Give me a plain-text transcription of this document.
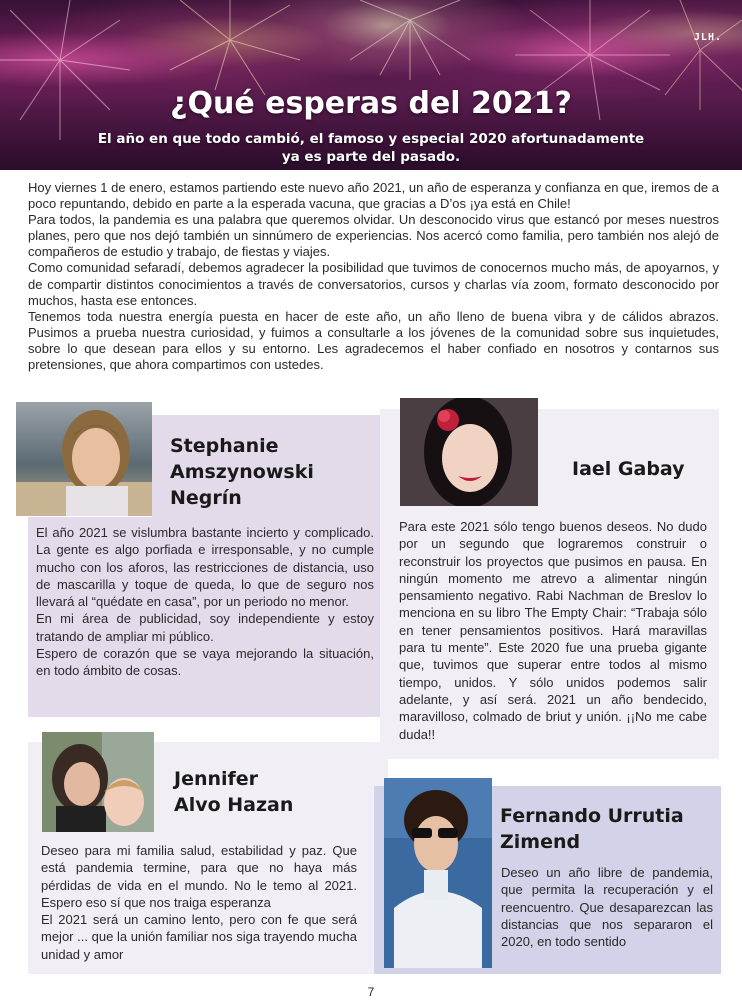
JLH.
¿Qué esperas del 2021?
El año en que todo cambió, el famoso y especial 2020 afortunadamente ya es parte del pasado.

Hoy viernes 1 de enero, estamos partiendo este nuevo año 2021, un año de esperanza y confianza en que, iremos de a poco repuntando, debido en parte a la esperada vacuna, que gracias a D’os ¡ya está en Chile!

Para todos, la pandemia es una palabra que queremos olvidar. Un desconocido virus que estancó por meses nuestros planes, pero que nos dejó también un sinnúmero de experiencias. Nos acercó como familia, pero también nos alejó de compañeros de estudio y trabajo, de fiestas y viajes.

Como comunidad sefaradí, debemos agradecer la posibilidad que tuvimos de conocernos mucho más, de apoyarnos, y de compartir distintos conocimientos a través de conversatorios, cursos y charlas vía zoom, formato desconocido por muchos, hasta ese entonces.

Tenemos toda nuestra energía puesta en hacer de este año, un año lleno de buena vibra y de cálidos abrazos. Pusimos a prueba nuestra curiosidad, y fuimos a consultarle a los jóvenes de la comunidad sobre sus inquietudes, sobre lo que desean para ellos y su entorno. Les agradecemos el haber confiado en nosotros y contarnos sus pretensiones, que ahora compartimos con ustedes.

Stephanie
Amszynowski
Negrín

El año 2021 se vislumbra bastante incierto y complicado. La gente es algo porfiada e irresponsable, y no cumple mucho con los aforos, las restricciones de distancia, uso de mascarilla y toque de queda, lo que de seguro nos llevará al “quédate en casa”, por un periodo no menor.

En mi área de publicidad, soy independiente y estoy tratando de ampliar mi público.

Espero de corazón que se vaya mejorando la situación, en todo ámbito de cosas.

Iael Gabay

Para este 2021 sólo tengo buenos deseos. No dudo por un segundo que lograremos construir o reconstruir los proyectos que pusimos en pausa. En ningún momento me atrevo a alimentar ningún pensamiento negativo. Rabi Nachman de Breslov lo menciona en su libro The Empty Chair: “Trabaja sólo en tener pensamientos positivos. Hará maravillas para tu mente”. Este 2020 fue una prueba gigante que, tuvimos que superar entre todos al mismo tiempo, unidos. Y sólo unidos podemos salir adelante, y así será. 2021 un año bendecido, maravilloso, colmado de briut y unión. ¡¡No me cabe duda!!

Jennifer
Alvo Hazan

Deseo para mi familia salud, estabilidad y paz. Que está pandemia termine, para que no haya más pérdidas de vida en el mundo. No le temo al 2021. Espero eso sí que nos traiga esperanza

El 2021 será un camino lento, pero con fe que será mejor ... que la unión familiar nos siga trayendo mucha unidad y amor

Fernando Urrutia
Zimend

Deseo un año libre de pandemia, que permita la recuperación y el reencuentro. Que desaparezcan las distancias que nos separaron el 2020, en todo sentido

7
